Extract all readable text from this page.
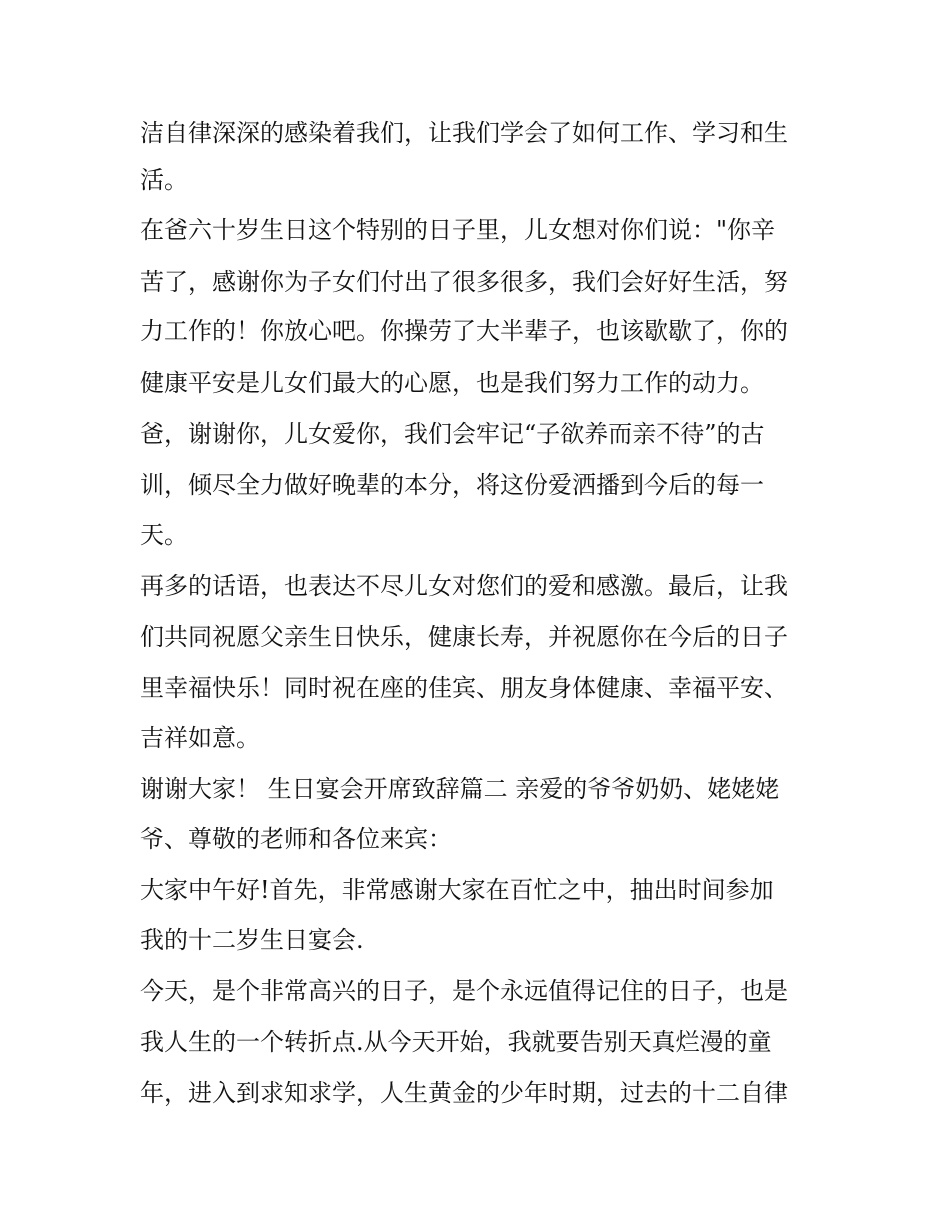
洁自律深深的感染着我们，让我们学会了如何工作、学习和生
活。
在爸六十岁生日这个特别的日子里，儿女想对你们说："你辛
苦了，感谢你为子女们付出了很多很多，我们会好好生活，努
力工作的！你放心吧。你操劳了大半辈子，也该歇歇了，你的
健康平安是儿女们最大的心愿，也是我们努力工作的动力。
爸，谢谢你，儿女爱你，我们会牢记“子欲养而亲不待”的古
训，倾尽全力做好晚辈的本分，将这份爱洒播到今后的每一
天。
再多的话语，也表达不尽儿女对您们的爱和感激。最后，让我
们共同祝愿父亲生日快乐，健康长寿，并祝愿你在今后的日子
里幸福快乐！同时祝在座的佳宾、朋友身体健康、幸福平安、
吉祥如意。
谢谢大家！ 生日宴会开席致辞篇二 亲爱的爷爷奶奶、姥姥姥
爷、尊敬的老师和各位来宾：
大家中午好!首先，非常感谢大家在百忙之中，抽出时间参加
我的十二岁生日宴会.
今天，是个非常高兴的日子，是个永远值得记住的日子，也是
我人生的一个转折点.从今天开始，我就要告别天真烂漫的童
年，进入到求知求学，人生黄金的少年时期，过去的十二自律
